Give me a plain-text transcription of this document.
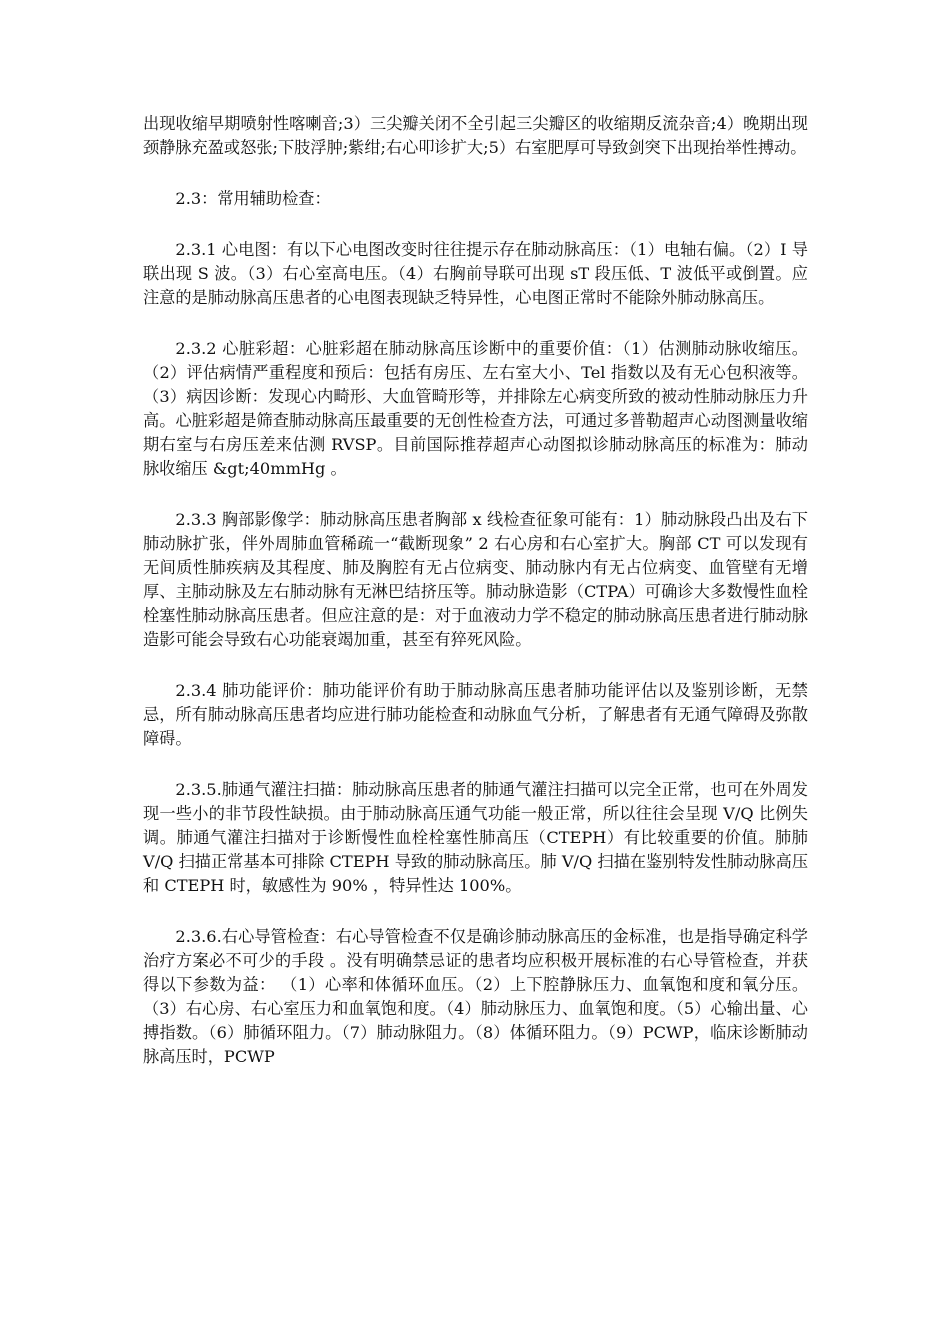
出现收缩早期喷射性喀喇音;3）三尖瓣关闭不全引起三尖瓣区的收缩期反流杂音;4）晚期出现颈静脉充盈或怒张;下肢浮肿;紫绀;右心叩诊扩大;5）右室肥厚可导致剑突下出现抬举性搏动。

2.3：常用辅助检查：

2.3.1 心电图：有以下心电图改变时往往提示存在肺动脉高压：（1）电轴右偏。（2）I 导联出现 S 波。（3）右心室高电压。（4）右胸前导联可出现 sT 段压低、T 波低平或倒置。应注意的是肺动脉高压患者的心电图表现缺乏特异性，心电图正常时不能除外肺动脉高压。

2.3.2 心脏彩超：心脏彩超在肺动脉高压诊断中的重要价值：（1）估测肺动脉收缩压。（2）评估病情严重程度和预后：包括有房压、左右室大小、Tel 指数以及有无心包积液等。（3）病因诊断：发现心内畸形、大血管畸形等，并排除左心病变所致的被动性肺动脉压力升高。心脏彩超是筛查肺动脉高压最重要的无创性检查方法，可通过多普勒超声心动图测量收缩期右室与右房压差来估测 RVSP。目前国际推荐超声心动图拟诊肺动脉高压的标准为：肺动脉收缩压 &gt;40mmHg 。

2.3.3 胸部影像学：肺动脉高压患者胸部 x 线检查征象可能有：1）肺动脉段凸出及右下肺动脉扩张，伴外周肺血管稀疏一“截断现象” 2 右心房和右心室扩大。胸部 CT 可以发现有无间质性肺疾病及其程度、肺及胸腔有无占位病变、肺动脉内有无占位病变、血管壁有无增厚、主肺动脉及左右肺动脉有无淋巴结挤压等。肺动脉造影（CTPA）可确诊大多数慢性血栓栓塞性肺动脉高压患者。但应注意的是：对于血液动力学不稳定的肺动脉高压患者进行肺动脉造影可能会导致右心功能衰竭加重，甚至有猝死风险。

2.3.4 肺功能评价：肺功能评价有助于肺动脉高压患者肺功能评估以及鉴别诊断，无禁忌，所有肺动脉高压患者均应进行肺功能检查和动脉血气分析，了解患者有无通气障碍及弥散障碍。

2.3.5.肺通气灌注扫描：肺动脉高压患者的肺通气灌注扫描可以完全正常，也可在外周发现一些小的非节段性缺损。由于肺动脉高压通气功能一般正常，所以往往会呈现 V/Q 比例失调。肺通气灌注扫描对于诊断慢性血栓栓塞性肺高压（CTEPH）有比较重要的价值。肺肺 V/Q 扫描正常基本可排除 CTEPH 导致的肺动脉高压。肺 V/Q 扫描在鉴别特发性肺动脉高压和 CTEPH 时，敏感性为 90% ，特异性达 100%。

2.3.6.右心导管检查：右心导管检查不仅是确诊肺动脉高压的金标准，也是指导确定科学治疗方案必不可少的手段 。没有明确禁忌证的患者均应积极开展标准的右心导管检查，并获得以下参数为益： （1）心率和体循环血压。（2）上下腔静脉压力、血氧饱和度和氧分压。（3）右心房、右心室压力和血氧饱和度。（4）肺动脉压力、血氧饱和度。（5）心输出量、心搏指数。（6）肺循环阻力。（7）肺动脉阻力。（8）体循环阻力。（9）PCWP，临床诊断肺动脉高压时，PCWP
